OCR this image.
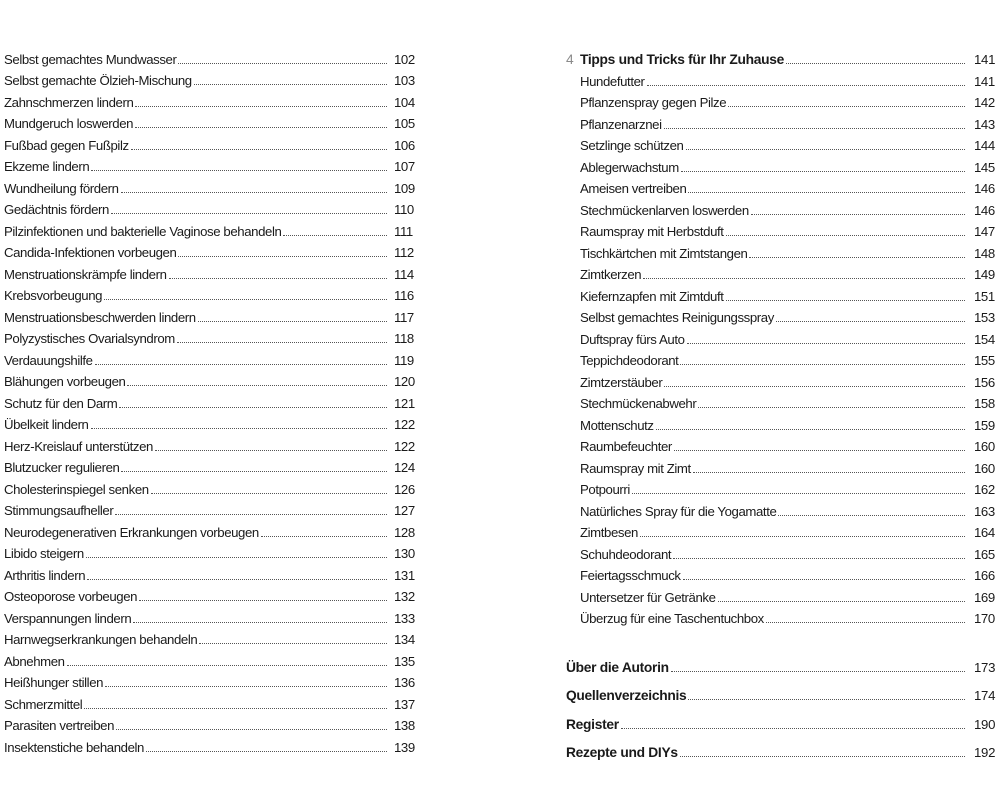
Selbst gemachtes Mundwasser	102
Selbst gemachte Ölzieh-Mischung	103
Zahnschmerzen lindern	104
Mundgeruch loswerden	105
Fußbad gegen Fußpilz	106
Ekzeme lindern	107
Wundheilung fördern	109
Gedächtnis fördern	110
Pilzinfektionen und bakterielle Vaginose behandeln	111
Candida-Infektionen vorbeugen	112
Menstruationskrämpfe lindern	114
Krebsvorbeugung	116
Menstruationsbeschwerden lindern	117
Polyzystisches Ovarialsyndrom	118
Verdauungshilfe	119
Blähungen vorbeugen	120
Schutz für den Darm	121
Übelkeit lindern	122
Herz-Kreislauf unterstützen	122
Blutzucker regulieren	124
Cholesterinspiegel senken	126
Stimmungsaufheller	127
Neurodegenerativen Erkrankungen vorbeugen	128
Libido steigern	130
Arthritis lindern	131
Osteoporose vorbeugen	132
Verspannungen lindern	133
Harnwegserkrankungen behandeln	134
Abnehmen	135
Heißhunger stillen	136
Schmerzmittel	137
Parasiten vertreiben	138
Insektenstiche behandeln	139
4 Tipps und Tricks für Ihr Zuhause	141
Hundefutter	141
Pflanzenspray gegen Pilze	142
Pflanzenarznei	143
Setzlinge schützen	144
Ablegerwachstum	145
Ameisen vertreiben	146
Stechmückenlarven loswerden	146
Raumspray mit Herbstduft	147
Tischkärtchen mit Zimtstangen	148
Zimtkerzen	149
Kiefernzapfen mit Zimtduft	151
Selbst gemachtes Reinigungsspray	153
Duftspray fürs Auto	154
Teppichdeodorant	155
Zimtzerstäuber	156
Stechmückenabwehr	158
Mottenschutz	159
Raumbefeuchter	160
Raumspray mit Zimt	160
Potpourri	162
Natürliches Spray für die Yogamatte	163
Zimtbesen	164
Schuhdeodorant	165
Feiertagsschmuck	166
Untersetzer für Getränke	169
Überzug für eine Taschentuchbox	170
Über die Autorin	173
Quellenverzeichnis	174
Register	190
Rezepte und DIYs	192
